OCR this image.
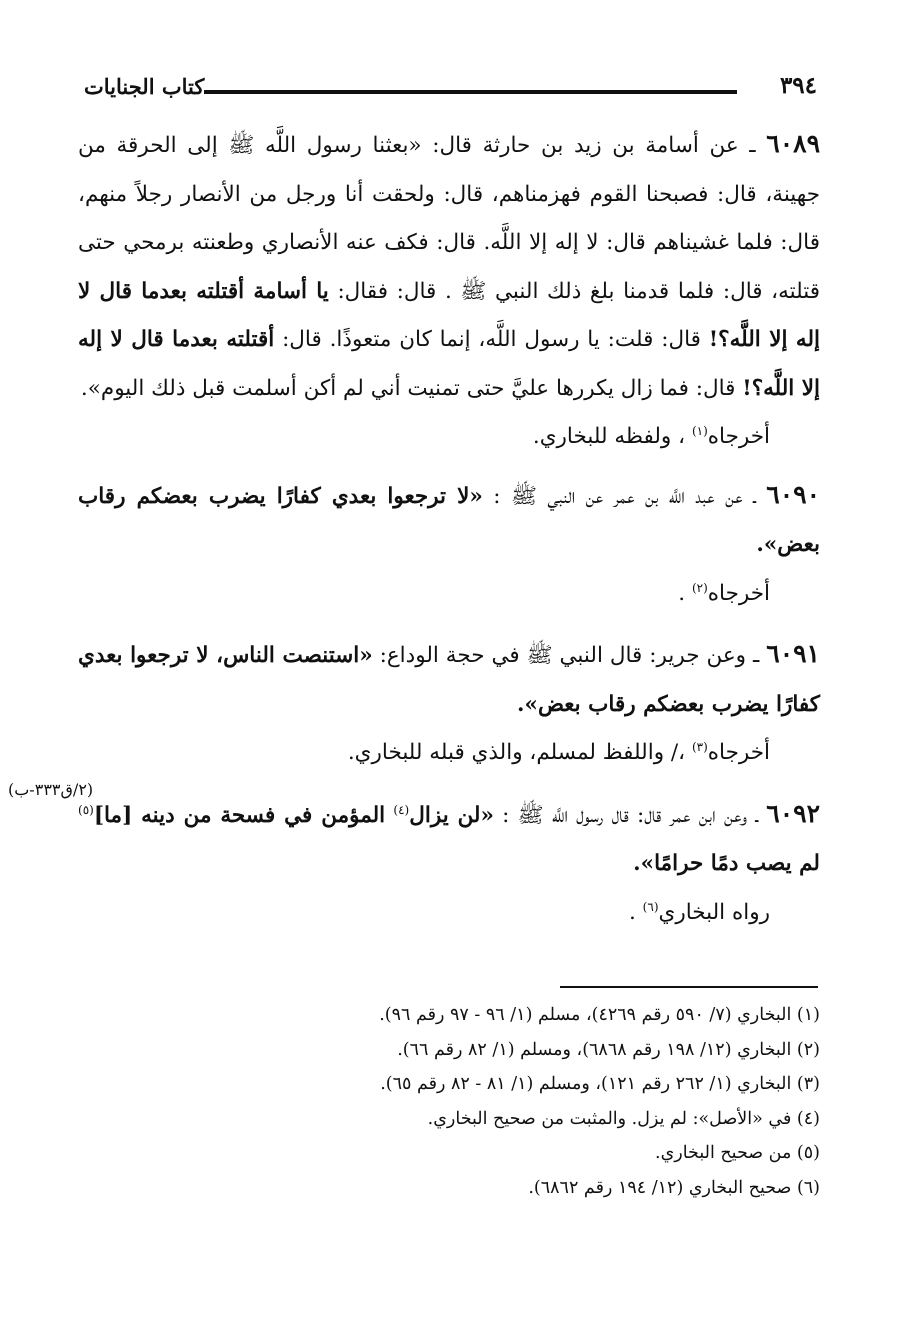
كتاب الجنايات	٣٩٤
(٢/ق٣٣٣-ب)

٦٠٨٩ ـ عن أسامة بن زيد بن حارثة قال: «بعثنا رسول اللَّه ﷺ إلى الحرقة من جهينة، قال: فصبحنا القوم فهزمناهم، قال: ولحقت أنا ورجل من الأنصار رجلاً منهم، قال: فلما غشيناهم قال: لا إله إلا اللَّه. قال: فكف عنه الأنصاري وطعنته برمحي حتى قتلته، قال: فلما قدمنا بلغ ذلك النبي ﷺ . قال: فقال: يا أسامة أقتلته بعدما قال لا إله إلا اللَّه؟! قال: قلت: يا رسول اللَّه، إنما كان متعوذًا. قال: أقتلته بعدما قال لا إله إلا اللَّه؟! قال: فما زال يكررها عليَّ حتى تمنيت أني لم أكن أسلمت قبل ذلك اليوم».

أخرجاه$^{(١)}$ ، ولفظه للبخاري.

٦٠٩٠ ـ عن عبد اللَّه بن عمر عن النبي ﷺ : «لا ترجعوا بعدي كفارًا يضرب بعضكم رقاب بعض».

أخرجاه$^{(٢)}$ .

٦٠٩١ ـ وعن جرير: قال النبي ﷺ في حجة الوداع: «استنصت الناس، لا ترجعوا بعدي كفارًا يضرب بعضكم رقاب بعض».

أخرجاه$^{(٣)}$ ،/ واللفظ لمسلم، والذي قبله للبخاري.

٦٠٩٢ ـ وعن ابن عمر قال: قال رسول اللَّه ﷺ : «لن يزال$^{(٤)}$ المؤمن في فسحة من دينه [ما]$^{(٥)}$ لم يصب دمًا حرامًا».

رواه البخاري$^{(٦)}$ .

(١) البخاري (٧/ ٥٩٠ رقم ٤٢٦٩)، مسلم (١/ ٩٦ - ٩٧ رقم ٩٦).
(٢) البخاري (١٢/ ١٩٨ رقم ٦٨٦٨)، ومسلم (١/ ٨٢ رقم ٦٦).
(٣) البخاري (١/ ٢٦٢ رقم ١٢١)، ومسلم (١/ ٨١ - ٨٢ رقم ٦٥).
(٤) في «الأصل»: لم يزل. والمثبت من صحيح البخاري.
(٥) من صحيح البخاري.
(٦) صحيح البخاري (١٢/ ١٩٤ رقم ٦٨٦٢).
